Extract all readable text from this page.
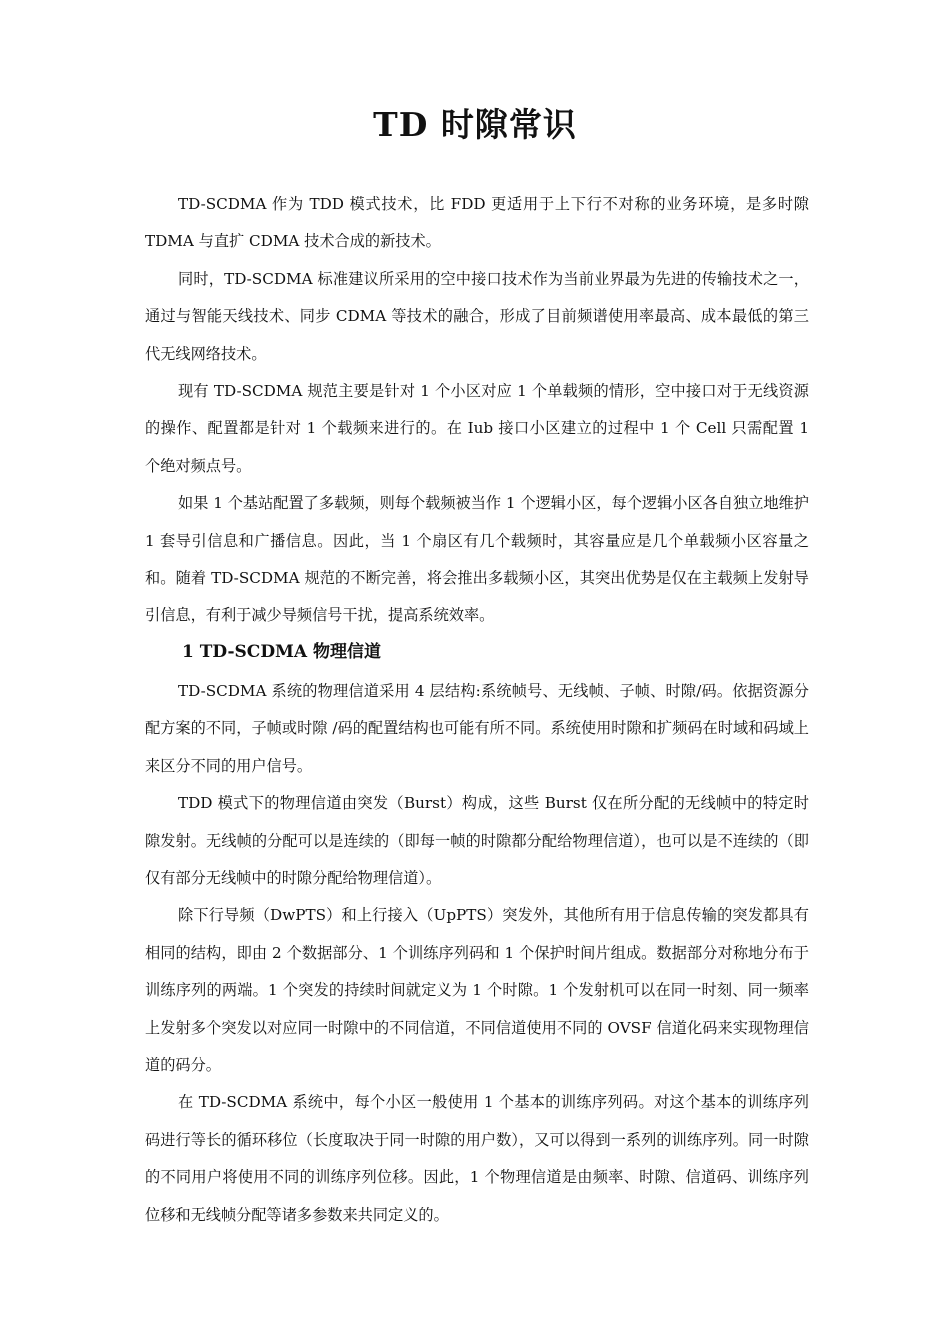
TD 时隙常识

TD-SCDMA 作为 TDD 模式技术，比 FDD 更适用于上下行不对称的业务环境，是多时隙 TDMA 与直扩 CDMA 技术合成的新技术。

同时，TD-SCDMA 标准建议所采用的空中接口技术作为当前业界最为先进的传输技术之一，通过与智能天线技术、同步 CDMA 等技术的融合，形成了目前频谱使用率最高、成本最低的第三代无线网络技术。

现有 TD-SCDMA 规范主要是针对 1 个小区对应 1 个单载频的情形，空中接口对于无线资源的操作、配置都是针对 1 个载频来进行的。在 Iub 接口小区建立的过程中 1 个 Cell 只需配置 1 个绝对频点号。

如果 1 个基站配置了多载频，则每个载频被当作 1 个逻辑小区，每个逻辑小区各自独立地维护 1 套导引信息和广播信息。因此，当 1 个扇区有几个载频时，其容量应是几个单载频小区容量之和。随着 TD-SCDMA 规范的不断完善，将会推出多载频小区，其突出优势是仅在主载频上发射导引信息，有利于减少导频信号干扰，提高系统效率。

1 TD-SCDMA 物理信道

TD-SCDMA 系统的物理信道采用 4 层结构:系统帧号、无线帧、子帧、时隙/码。依据资源分配方案的不同，子帧或时隙 /码的配置结构也可能有所不同。系统使用时隙和扩频码在时域和码域上来区分不同的用户信号。

TDD 模式下的物理信道由突发（Burst）构成，这些 Burst 仅在所分配的无线帧中的特定时隙发射。无线帧的分配可以是连续的（即每一帧的时隙都分配给物理信道），也可以是不连续的（即仅有部分无线帧中的时隙分配给物理信道）。

除下行导频（DwPTS）和上行接入（UpPTS）突发外，其他所有用于信息传输的突发都具有相同的结构，即由 2 个数据部分、1 个训练序列码和 1 个保护时间片组成。数据部分对称地分布于训练序列的两端。1 个突发的持续时间就定义为 1 个时隙。1 个发射机可以在同一时刻、同一频率上发射多个突发以对应同一时隙中的不同信道，不同信道使用不同的 OVSF 信道化码来实现物理信道的码分。

在 TD-SCDMA 系统中，每个小区一般使用 1 个基本的训练序列码。对这个基本的训练序列码进行等长的循环移位（长度取决于同一时隙的用户数），又可以得到一系列的训练序列。同一时隙的不同用户将使用不同的训练序列位移。因此，1 个物理信道是由频率、时隙、信道码、训练序列位移和无线帧分配等诸多参数来共同定义的。
